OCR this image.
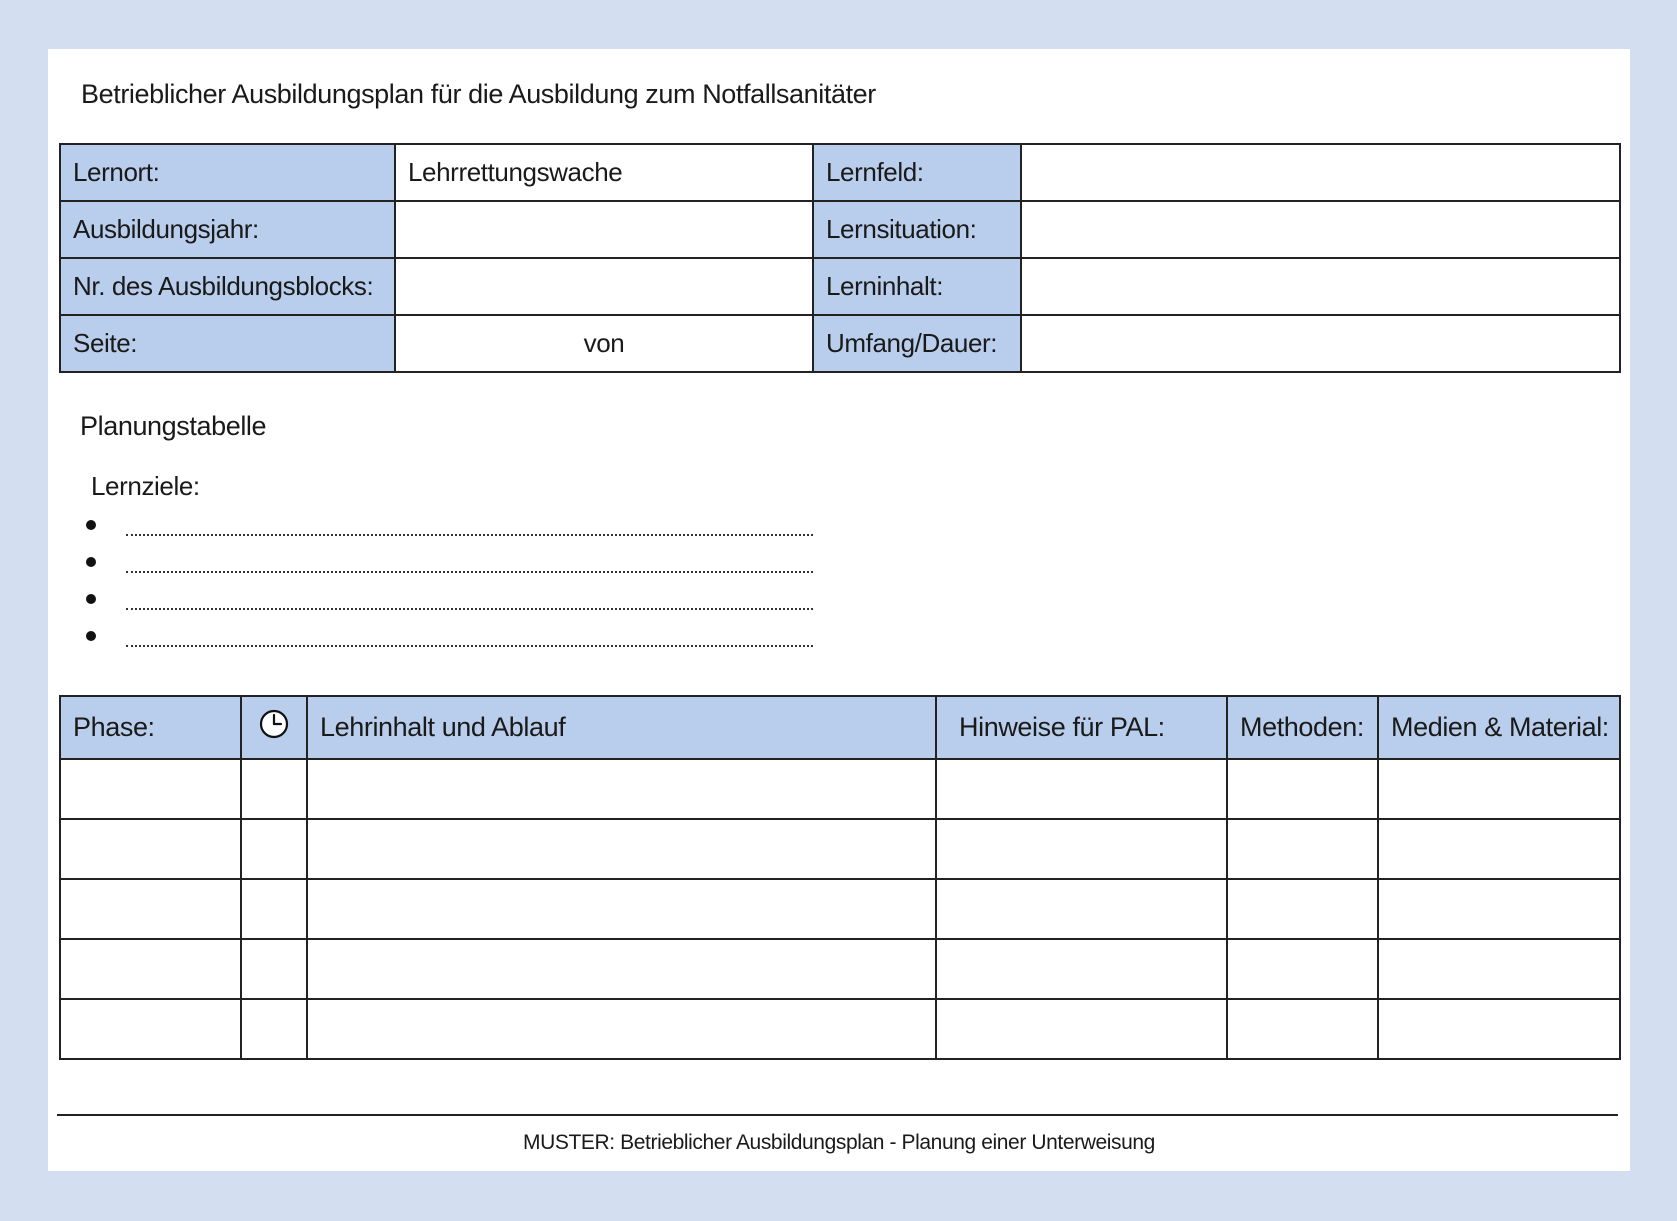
Betrieblicher Ausbildungsplan für die Ausbildung zum Notfallsanitäter
Lernort:	Lehrrettungswache	Lernfeld:	
Ausbildungsjahr:		Lernsituation:	
Nr. des Ausbildungsblocks:		Lerninhalt:	
Seite:	von	Umfang/Dauer:	
Planungstabelle
Lernziele:
Phase:		Lehrinhalt und Ablauf	Hinweise für PAL:	Methoden:	Medien & Material:

MUSTER: Betrieblicher Ausbildungsplan - Planung einer Unterweisung
